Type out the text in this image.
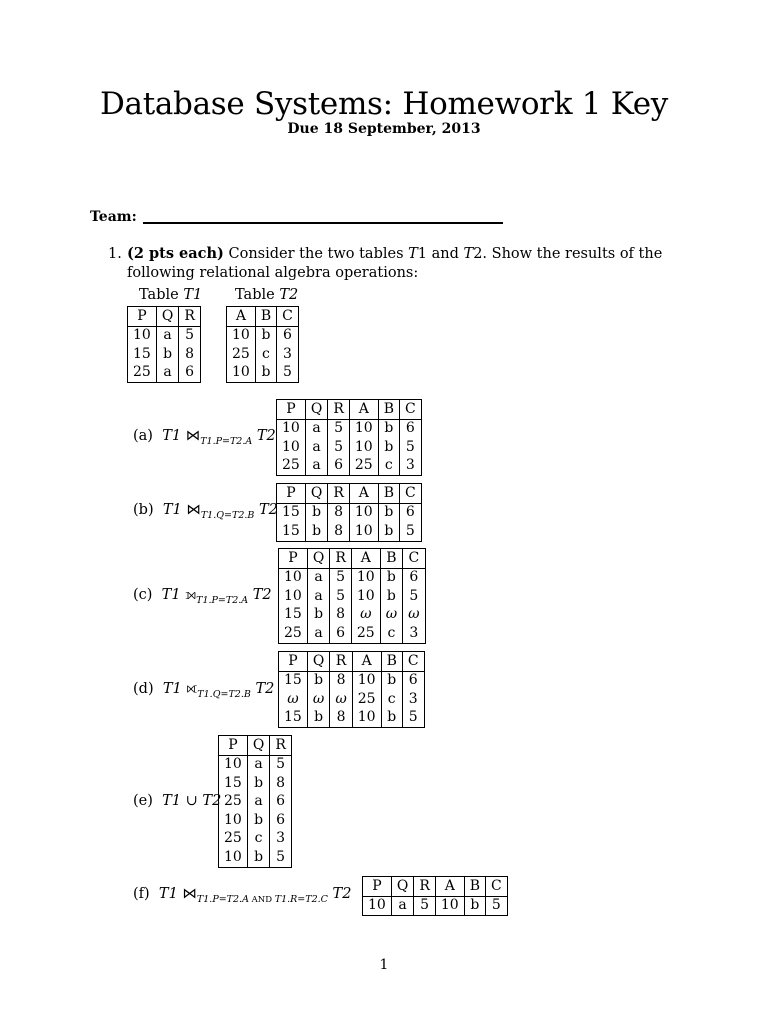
Database Systems: Homework 1 Key
Due 18 September, 2013
Team:
1. (2 pts each) Consider the two tables T1 and T2. Show the results of the following relational algebra operations:
Table T1 Table T2
P	Q	R
10	a	5
15	b	8
25	a	6
A	B	C
10	b	6
25	c	3
10	b	5
(a) T1 $⋈_{T1.P=T2.A}$ T2
P	Q	R	A	B	C
10	a	5	10	b	6
10	a	5	10	b	5
25	a	6	25	c	3
(b) T1 $⋈_{T1.Q=T2.B}$ T2
P	Q	R	A	B	C
15	b	8	10	b	6
15	b	8	10	b	5
(c) T1 $⟕_{T1.P=T2.A}$ T2
P	Q	R	A	B	C
10	a	5	10	b	6
10	a	5	10	b	5
15	b	8	ω	ω	ω
25	a	6	25	c	3
(d) T1 $⟖_{T1.Q=T2.B}$ T2
P	Q	R	A	B	C
15	b	8	10	b	6
ω	ω	ω	25	c	3
15	b	8	10	b	5
(e) T1 ∪ T2
P	Q	R
10	a	5
15	b	8
25	a	6
10	b	6
25	c	3
10	b	5
(f) T1 $⋈_{T1.P=T2.A}$ $_{AND}$ $_{T1.R=T2.C}$ T2
P	Q	R	A	B	C
10	a	5	10	b	5
1
